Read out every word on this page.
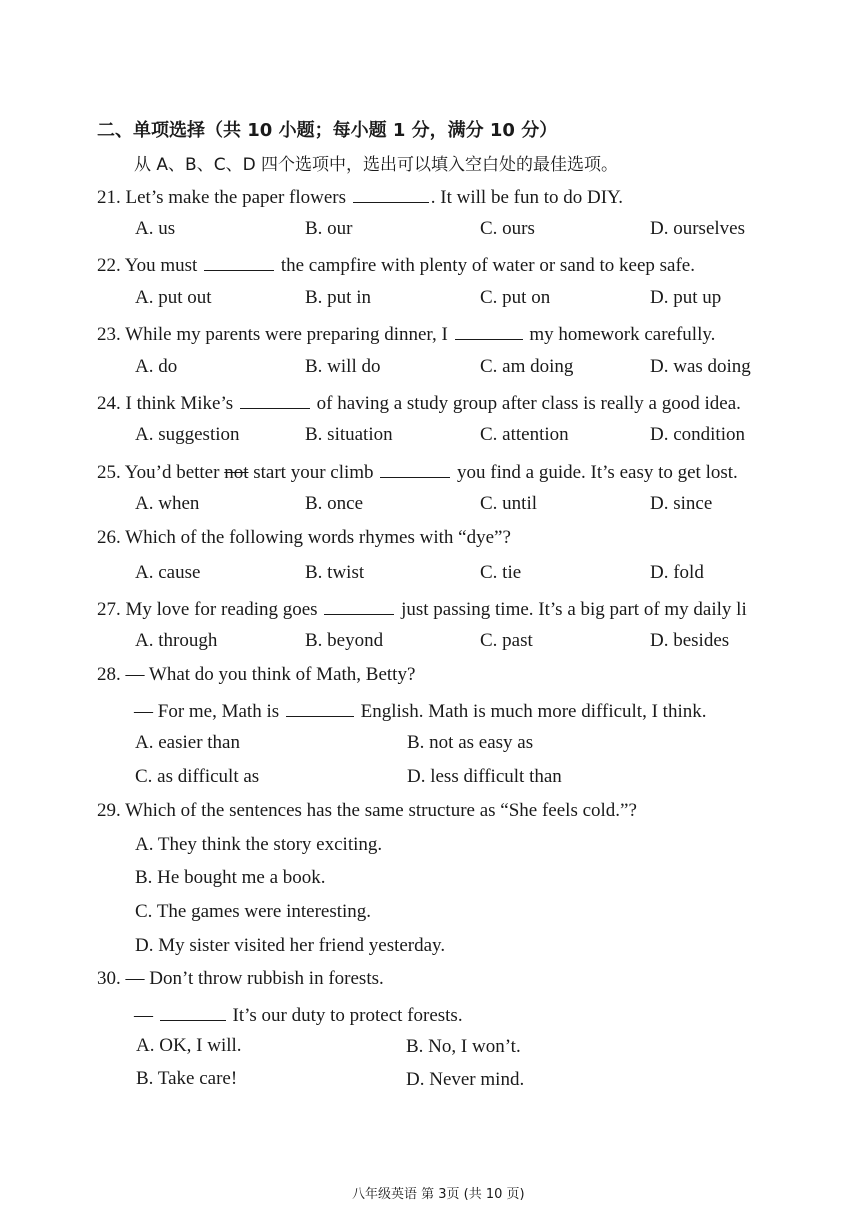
二、单项选择（共 10 小题；每小题 1 分，满分 10 分）
从 A、B、C、D 四个选项中，选出可以填入空白处的最佳选项。
21. Let’s make the paper flowers	. It will be fun to do DIY.
A. us	B. our	C. ours	D. ourselves
22. You must	the campfire with plenty of water or sand to keep safe.
A. put out	B. put in	C. put on	D. put up
23. While my parents were preparing dinner, I	my homework carefully.
A. do	B. will do	C. am doing	D. was doing
24. I think Mike’s	of having a study group after class is really a good idea.
A. suggestion	B. situation	C. attention	D. condition
25. You’d better not start your climb	you find a guide. It’s easy to get lost.
A. when	B. once	C. until	D. since
26. Which of the following words rhymes with “dye”?
A. cause	B. twist	C. tie	D. fold
27. My love for reading goes	just passing time. It’s a big part of my daily li
A. through	B. beyond	C. past	D. besides
28. — What do you think of Math, Betty?
— For me, Math is	English. Math is much more difficult, I think.
A. easier than	B. not as easy as
C. as difficult as	D. less difficult than
29. Which of the sentences has the same structure as “She feels cold.”?
A. They think the story exciting.
B. He bought me a book.
C. The games were interesting.
D. My sister visited her friend yesterday.
30. — Don’t throw rubbish in forests.
—	It’s our duty to protect forests.
A. OK, I will.	B. No, I won’t.
B. Take care!	D. Never mind.
八年级英语 第 3页 (共 10 页)
